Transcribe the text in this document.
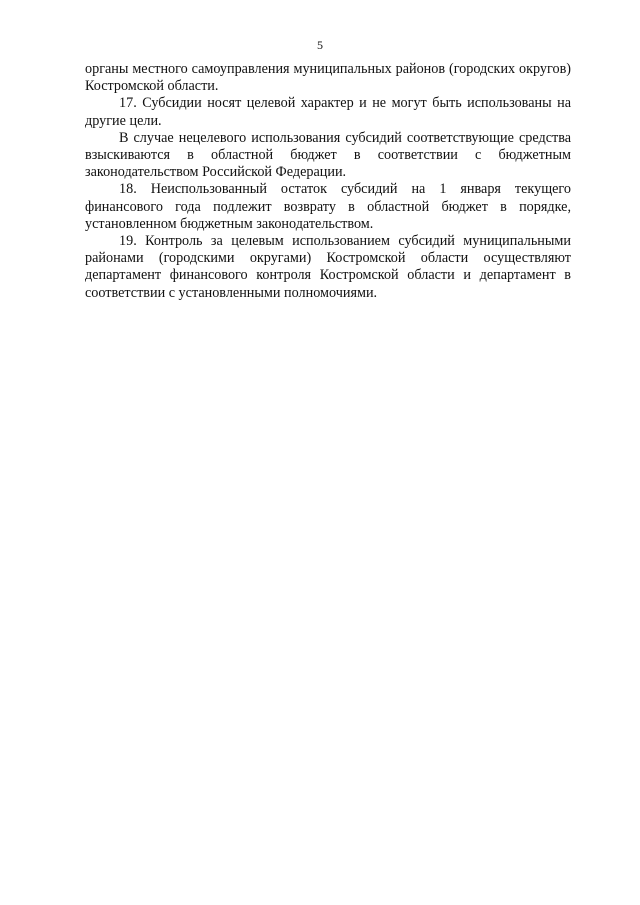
5

органы местного самоуправления муниципальных районов (городских округов) Костромской области.

17. Субсидии носят целевой характер и не могут быть использованы на другие цели.

В случае нецелевого использования субсидий соответствующие средства взыскиваются в областной бюджет в соответствии с бюджетным законодательством Российской Федерации.

18. Неиспользованный остаток субсидий на 1 января текущего финансового года подлежит возврату в областной бюджет в порядке, установленном бюджетным законодательством.

19. Контроль за целевым использованием субсидий муниципальными районами (городскими округами) Костромской области осуществляют департамент финансового контроля Костромской области и департамент в соответствии с установленными полномочиями.
